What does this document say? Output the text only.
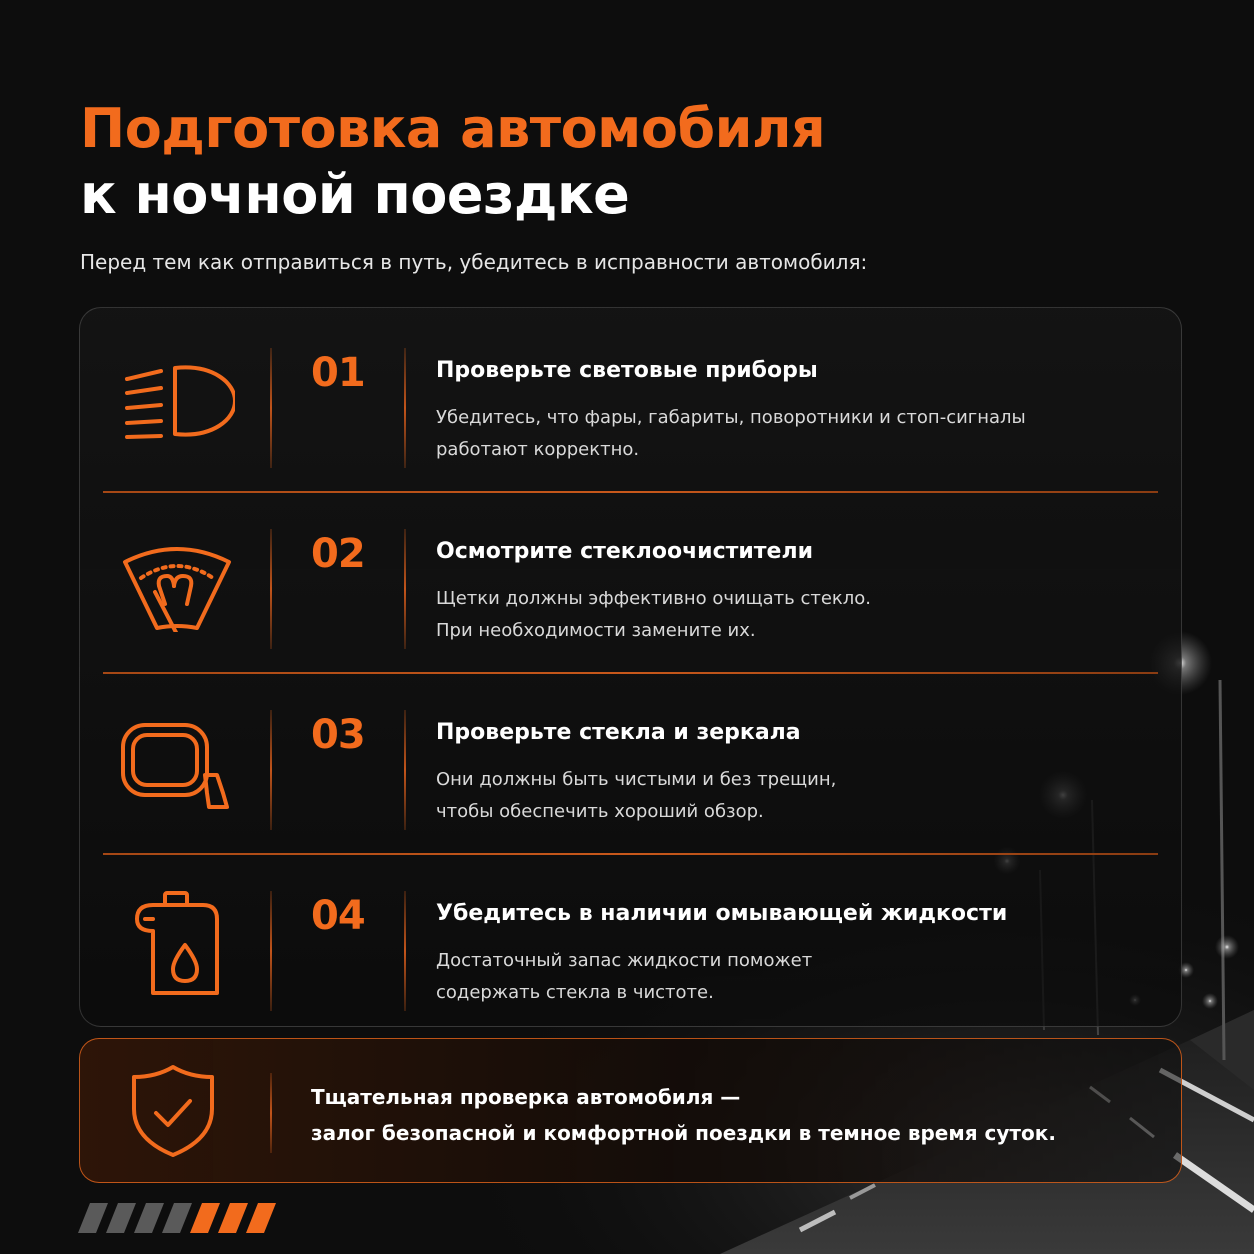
Подготовка автомобиля
к ночной поездке

Перед тем как отправиться в путь, убедитесь в исправности автомобиля:

01	Проверьте световые приборы
Убедитесь, что фары, габариты, поворотники и стоп-сигналы
работают корректно.
02	Осмотрите стеклоочистители
Щетки должны эффективно очищать стекло.
При необходимости замените их.
03	Проверьте стекла и зеркала
Они должны быть чистыми и без трещин,
чтобы обеспечить хороший обзор.
04	Убедитесь в наличии омывающей жидкости
Достаточный запас жидкости поможет
содержать стекла в чистоте.
Тщательная проверка автомобиля —
залог безопасной и комфортной поездки в темное время суток.
